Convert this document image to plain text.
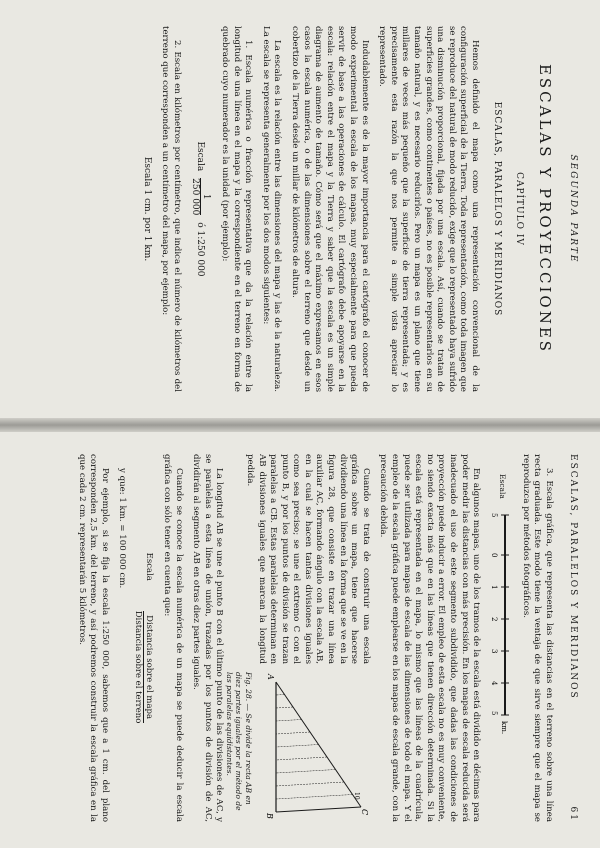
SEGUNDA PARTE
ESCALAS Y PROYECCIONES
CAPÍTULO IV
ESCALAS, PARALELOS Y MERIDIANOS

Hemos definido el mapa como una representación convencional de la configuración superficial de la Tierra. Toda representación, como toda imagen que se reproduce del natural de modo reducido, exige que lo representado haya sufrido una disminución proporcional, fijada por una escala. Así, cuando se tratan de superficies grandes, como continentes o países, no es posible representarlos en su tamaño natural, y es necesario reducirlos. Pero un mapa es un plano que tiene millares de veces más pequeño que la superficie de tierra representada; y es precisamente esta razón la que nos permite a simple vista apreciar lo representado.

Indudablemente es de la mayor importancia para el cartógrafo el conocer de modo experimental la escala de los mapas, muy especialmente para que pueda servir de base a las operaciones de cálculo. El cartógrafo debe apoyarse en la escala: relación entre el mapa y la Tierra y saber que la escala es un simple diagrama de aumento de tamaño. Cómo será que el máximo expresamos en esos casos la escala numérica, o de las dimensiones sobre el terreno que desde un cobertizo de la Tierra desde un millar de kilómetros de altura.

La escala es la relación entre las dimensiones del mapa y las de la naturaleza. La escala se representa generalmente por los dos modos siguientes:

1. Escala numérica o fracción representativa que da la relación entre la longitud de una línea en el mapa y la correspondiente en el terreno en forma de quebrado cuyo numerador es la unidad (por ejemplo):

Escala
1
250 000
ó 1:250 000

2. Escala en kilómetros por centímetro, que indica el número de kilómetros del terreno que corresponden a un centímetro del mapa, por ejemplo:

Escala 1 cm. por 1 km.
ESCALAS, PARALELOS Y MERIDIANOS
61

3. Escala gráfica, que representa las distancias en el terreno sobre una línea recta graduada. Este modo tiene la ventaja de que sirve siempre que el mapa se reproduzca por métodos fotográficos.

Escala
5
0
1
2
3
4
5
km.

En algunos mapas, uno de los tramos de la escala está dividido en décimas para poder medir las distancias con más precisión. En los mapas de escala reducida será inadecuado el uso de este segmento subdividido, que dadas las condiciones de proyección puede inducir a error. El empleo de esta escala no es muy conveniente, no siendo exacta más que en las líneas que tienen dirección determinada. Si la escala está representada en el mapa, lo mismo que las líneas de la cuadrícula, puede ser utilizada para mapas de escala de las dimensiones de todo el mapa. Y el empleo de la escala gráfica puede emplearse en los mapas de escala grande, con la precaución debida.

Cuando se trata de construir una escala gráfica sobre un mapa, tiene que hacerse dividiendo una línea en la forma que se ve en la figura 28, que consiste en trazar una línea auxiliar AC, formando ángulo con la escala AB, en la cual se hacen tantas divisiones iguales como sea preciso; se une el extremo C con el punto B, y por los puntos de división se trazan paralelas a CB. Estas paralelas determinan en AB divisiones iguales que marcan la longitud pedida.

A
B
C
10
Fig. 28. — Se divide la recta AB en diez partes iguales por el método de las paralelas equidistantes.

La longitud AB se une el punto B con el último punto de las divisiones de AC, y se paralelas a esta línea de unión, trazadas por los puntos de división de AC, dividirán al segmento AB en otras diez partes iguales.

Cuando se conoce la escala numérica de un mapa se puede deducir la escala gráfica con sólo tener en cuenta que:

Escala
Distancia sobre el mapa
Distancia sobre el terreno

y que: 1 km. = 100 000 cm.

Por ejemplo, si se fija la escala 1:250 000, sabemos que a 1 cm. del plano corresponden 2,5 km. del terreno, y así podremos construir la escala gráfica en la que cada 2 cm. representarán 5 kilómetros.
